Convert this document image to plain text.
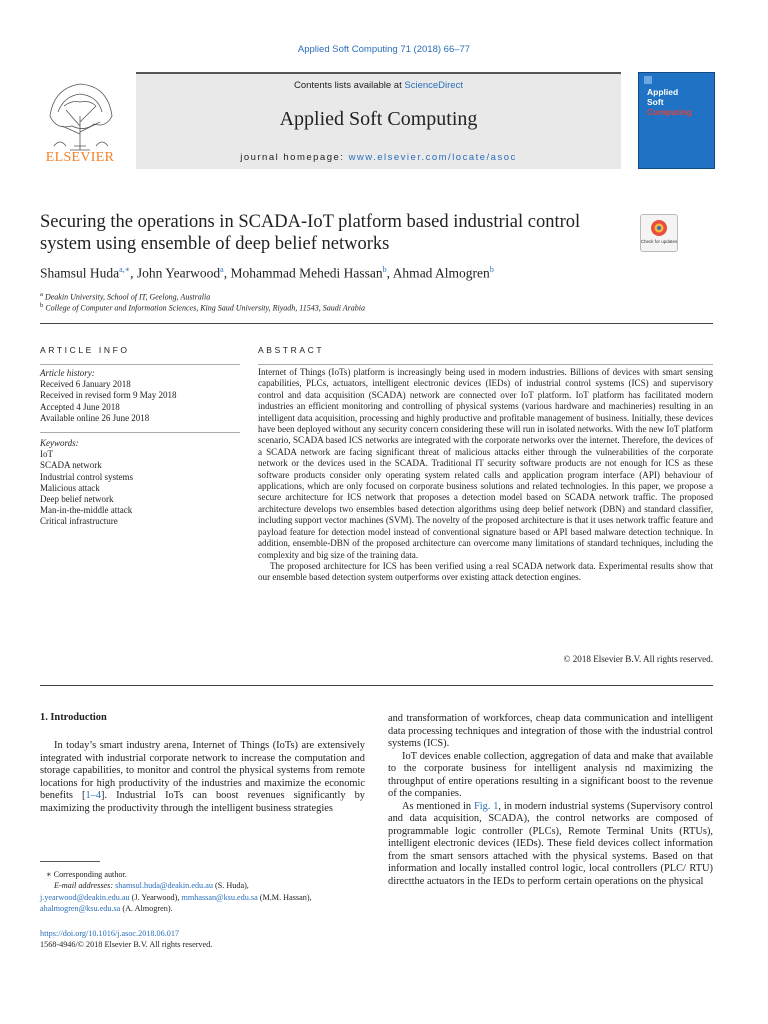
Applied Soft Computing 71 (2018) 66–77
ELSEVIER
Contents lists available at ScienceDirect
Applied Soft Computing
journal homepage: www.elsevier.com/locate/asoc
Applied
Soft
Computing
Securing the operations in SCADA-IoT platform based industrial control system using ensemble of deep belief networks	Check for updates
Shamsul Huda$^{a,∗}$, John Yearwood$^a$, Mohammad Mehedi Hassan$^b$, Ahmad Almogren$^b$
$^a$ Deakin University, School of IT, Geelong, Australia
$^b$ College of Computer and Information Sciences, King Saud University, Riyadh, 11543, Saudi Arabia
ARTICLE INFO
Article history:
Received 6 January 2018
Received in revised form 9 May 2018
Accepted 4 June 2018
Available online 26 June 2018
Keywords:
IoT
SCADA network
Industrial control systems
Malicious attack
Deep belief network
Man-in-the-middle attack
Critical infrastructure
ABSTRACT

Internet of Things (IoTs) platform is increasingly being used in modern industries. Billions of devices with smart sensing capabilities, PLCs, actuators, intelligent electronic devices (IEDs) of industrial control systems (ICS) and supervisory control and data acquisition (SCADA) network are connected over IoT platform. IoT platform has facilitated modern industries an efficient monitoring and controlling of physical systems (various hardware and machineries) resulting in an intelligent data acquisition, processing and highly productive and profitable management of business. Initially, these devices have been deployed without any security concern considering these will run in isolated networks. With the new IoT platform scenario, SCADA based ICS networks are integrated with the corporate networks over the internet. Therefore, the devices of a SCADA network are facing significant threat of malicious attacks either through the vulnerabilities of the corporate network or the devices used in the SCADA. Traditional IT security software products are not enough for ICS as these software products consider only operating system related calls and application program interface (API) behaviour of applications, which are only focused on corporate business solutions and related technologies. In this paper, we propose a secure architecture for ICS network that proposes a detection model based on SCADA network traffic. The proposed architecture develops two ensembles based detection algorithms using deep belief network (DBN) and standard classifier, including support vector machines (SVM). The novelty of the proposed architecture is that it uses network traffic feature and payload feature for detection model instead of conventional signature based or API based malware detection technique. In addition, ensemble-DBN of the proposed architecture can overcome many limitations of standard techniques, including the complexity and big size of the training data.

The proposed architecture for ICS has been verified using a real SCADA network data. Experimental results show that our ensemble based detection system outperforms over existing attack detection engines.

© 2018 Elsevier B.V. All rights reserved.
1. Introduction

In today’s smart industry arena, Internet of Things (IoTs) are extensively integrated with industrial corporate network to increase the computation and storage capabilities, to monitor and control the physical systems from remote locations for high productivity of the industries and maximize the economic benefits [1–4]. Industrial IoTs can boost revenues significantly by maximizing the productivity through the intelligent business strategies

and transformation of workforces, cheap data communication and intelligent data processing techniques and integration of those with the industrial control systems (ICS).

IoT devices enable collection, aggregation of data and make that available to the corporate business for intelligent analysis nd maximizing the throughput of entire operations resulting in a significant boost to the revenue of the companies.

As mentioned in Fig. 1, in modern industrial systems (Supervisory control and data acquisition, SCADA), the control networks are composed of programmable logic controller (PLCs), Remote Terminal Units (RTUs), intelligent electronic devices (IEDs). These field devices collect information from the smart sensors attached with the physical systems. Based on that information and locally installed control logic, local controllers (PLC/ RTU) directthe actuators in the IEDs to perform certain operations on the physical

∗ Corresponding author.
E-mail addresses: shamsul.huda@deakin.edu.au (S. Huda),
j.yearwood@deakin.edu.au (J. Yearwood), mmhassan@ksu.edu.sa (M.M. Hassan),
ahalmogren@ksu.edu.sa (A. Almogren).
https://doi.org/10.1016/j.asoc.2018.06.017
1568-4946/© 2018 Elsevier B.V. All rights reserved.
